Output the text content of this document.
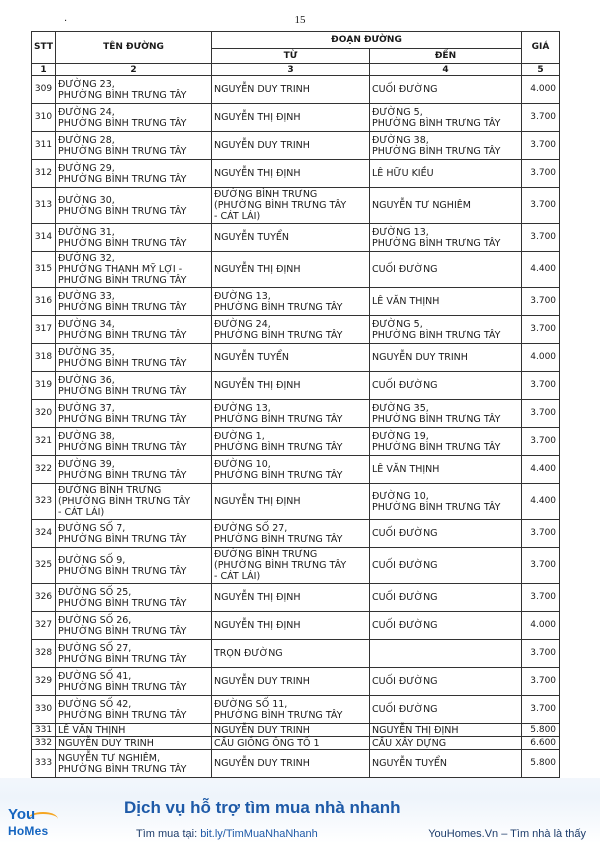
15
·
STT	TÊN ĐƯỜNG	ĐOẠN ĐƯỜNG		GIÁ
		TỪ	ĐẾN	
1	2	3	4	5
309	ĐƯỜNG 23,
PHƯỜNG BÌNH TRƯNG TÂY	NGUYỄN DUY TRINH	CUỐI ĐƯỜNG	4.000
310	ĐƯỜNG 24,
PHƯỜNG BÌNH TRƯNG TÂY	NGUYỄN THỊ ĐỊNH	ĐƯỜNG 5,
PHƯỜNG BÌNH TRƯNG TÂY	3.700
311	ĐƯỜNG 28,
PHƯỜNG BÌNH TRƯNG TÂY	NGUYỄN DUY TRINH	ĐƯỜNG 38,
PHƯỜNG BÌNH TRƯNG TÂY	3.700
312	ĐƯỜNG 29,
PHƯỜNG BÌNH TRƯNG TÂY	NGUYỄN THỊ ĐỊNH	LÊ HỮU KIỀU	3.700
313	ĐƯỜNG 30,
PHƯỜNG BÌNH TRƯNG TÂY	ĐƯỜNG BÌNH TRƯNG
(PHƯỜNG BÌNH TRƯNG TÂY
- CÁT LÁI)	NGUYỄN TƯ NGHIÊM	3.700
314	ĐƯỜNG 31,
PHƯỜNG BÌNH TRƯNG TÂY	NGUYỄN TUYỂN	ĐƯỜNG 13,
PHƯỜNG BÌNH TRƯNG TÂY	3.700
315	ĐƯỜNG 32,
PHƯỜNG THẠNH MỸ LỢI -
PHƯỜNG BÌNH TRƯNG TÂY	NGUYỄN THỊ ĐỊNH	CUỐI ĐƯỜNG	4.400
316	ĐƯỜNG 33,
PHƯỜNG BÌNH TRƯNG TÂY	ĐƯỜNG 13,
PHƯỜNG BÌNH TRƯNG TÂY	LÊ VĂN THỊNH	3.700
317	ĐƯỜNG 34,
PHƯỜNG BÌNH TRƯNG TÂY	ĐƯỜNG 24,
PHƯỜNG BÌNH TRƯNG TÂY	ĐƯỜNG 5,
PHƯỜNG BÌNH TRƯNG TÂY	3.700
318	ĐƯỜNG 35,
PHƯỜNG BÌNH TRƯNG TÂY	NGUYỄN TUYỂN	NGUYỄN DUY TRINH	4.000
319	ĐƯỜNG 36,
PHƯỜNG BÌNH TRƯNG TÂY	NGUYỄN THỊ ĐỊNH	CUỐI ĐƯỜNG	3.700
320	ĐƯỜNG 37,
PHƯỜNG BÌNH TRƯNG TÂY	ĐƯỜNG 13,
PHƯỜNG BÌNH TRƯNG TÂY	ĐƯỜNG 35,
PHƯỜNG BÌNH TRƯNG TÂY	3.700
321	ĐƯỜNG 38,
PHƯỜNG BÌNH TRƯNG TÂY	ĐƯỜNG 1,
PHƯỜNG BÌNH TRƯNG TÂY	ĐƯỜNG 19,
PHƯỜNG BÌNH TRƯNG TÂY	3.700
322	ĐƯỜNG 39,
PHƯỜNG BÌNH TRƯNG TÂY	ĐƯỜNG 10,
PHƯỜNG BÌNH TRƯNG TÂY	LÊ VĂN THỊNH	4.400
323	ĐƯỜNG BÌNH TRƯNG
(PHƯỜNG BÌNH TRƯNG TÂY
- CÁT LÁI)	NGUYỄN THỊ ĐỊNH	ĐƯỜNG 10,
PHƯỜNG BÌNH TRƯNG TÂY	4.400
324	ĐƯỜNG SỐ 7,
PHƯỜNG BÌNH TRƯNG TÂY	ĐƯỜNG SỐ 27,
PHƯỜNG BÌNH TRƯNG TÂY	CUỐI ĐƯỜNG	3.700
325	ĐƯỜNG SỐ 9,
PHƯỜNG BÌNH TRƯNG TÂY	ĐƯỜNG BÌNH TRƯNG
(PHƯỜNG BÌNH TRƯNG TÂY
- CÁT LÁI)	CUỐI ĐƯỜNG	3.700
326	ĐƯỜNG SỐ 25,
PHƯỜNG BÌNH TRƯNG TÂY	NGUYỄN THỊ ĐỊNH	CUỐI ĐƯỜNG	3.700
327	ĐƯỜNG SỐ 26,
PHƯỜNG BÌNH TRƯNG TÂY	NGUYỄN THỊ ĐỊNH	CUỐI ĐƯỜNG	4.000
328	ĐƯỜNG SỐ 27,
PHƯỜNG BÌNH TRƯNG TÂY	TRỌN ĐƯỜNG		3.700
329	ĐƯỜNG SỐ 41,
PHƯỜNG BÌNH TRƯNG TÂY	NGUYỄN DUY TRINH	CUỐI ĐƯỜNG	3.700
330	ĐƯỜNG SỐ 42,
PHƯỜNG BÌNH TRƯNG TÂY	ĐƯỜNG SỐ 11,
PHƯỜNG BÌNH TRƯNG TÂY	CUỐI ĐƯỜNG	3.700
331	LÊ VĂN THỊNH	NGUYỄN DUY TRINH	NGUYỄN THỊ ĐỊNH	5.800
332	NGUYỄN DUY TRINH	CẦU GIỒNG ÔNG TỐ 1	CẦU XÂY DỰNG	6.600
333	NGUYỄN TƯ NGHIÊM,
PHƯỜNG BÌNH TRƯNG TÂY	NGUYỄN DUY TRINH	NGUYỄN TUYỂN	5.800
You
HoMes
Dịch vụ hỗ trợ tìm mua nhà nhanh
Tìm mua tại: bit.ly/TimMuaNhaNhanh	YouHomes.Vn – Tìm nhà là thấy
